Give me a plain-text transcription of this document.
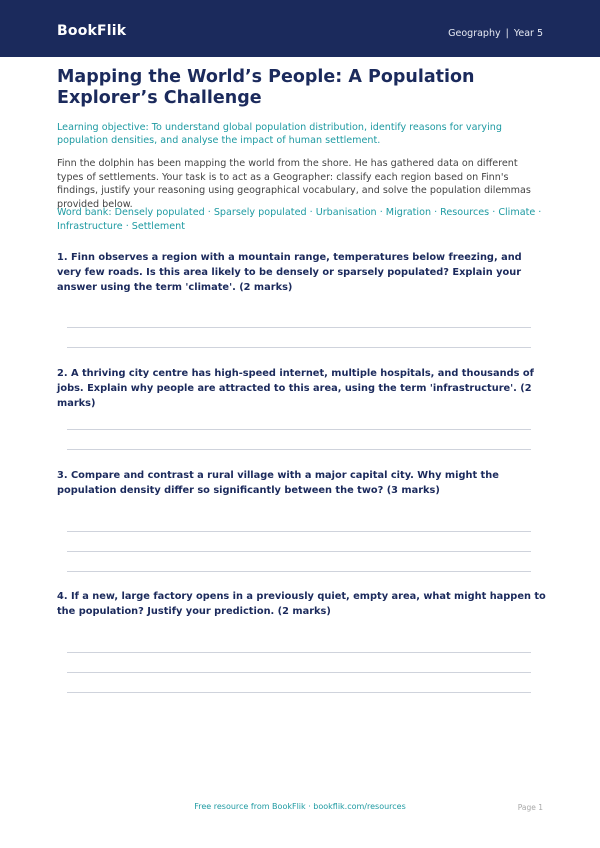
BookFlik	Geography | Year 5
Mapping the World’s People: A Population Explorer’s Challenge

Learning objective: To understand global population distribution, identify reasons for varying population densities, and analyse the impact of human settlement.

Finn the dolphin has been mapping the world from the shore. He has gathered data on different types of settlements. Your task is to act as a Geographer: classify each region based on Finn's findings, justify your reasoning using geographical vocabulary, and solve the population dilemmas provided below.

Word bank: Densely populated · Sparsely populated · Urbanisation · Migration · Resources · Climate · Infrastructure · Settlement

1. Finn observes a region with a mountain range, temperatures below freezing, and very few roads. Is this area likely to be densely or sparsely populated? Explain your answer using the term 'climate'. (2 marks)
2. A thriving city centre has high-speed internet, multiple hospitals, and thousands of jobs. Explain why people are attracted to this area, using the term 'infrastructure'. (2 marks)
3. Compare and contrast a rural village with a major capital city. Why might the population density differ so significantly between the two? (3 marks)
4. If a new, large factory opens in a previously quiet, empty area, what might happen to the population? Justify your prediction. (2 marks)
Free resource from BookFlik · bookflik.com/resources	Page 1
